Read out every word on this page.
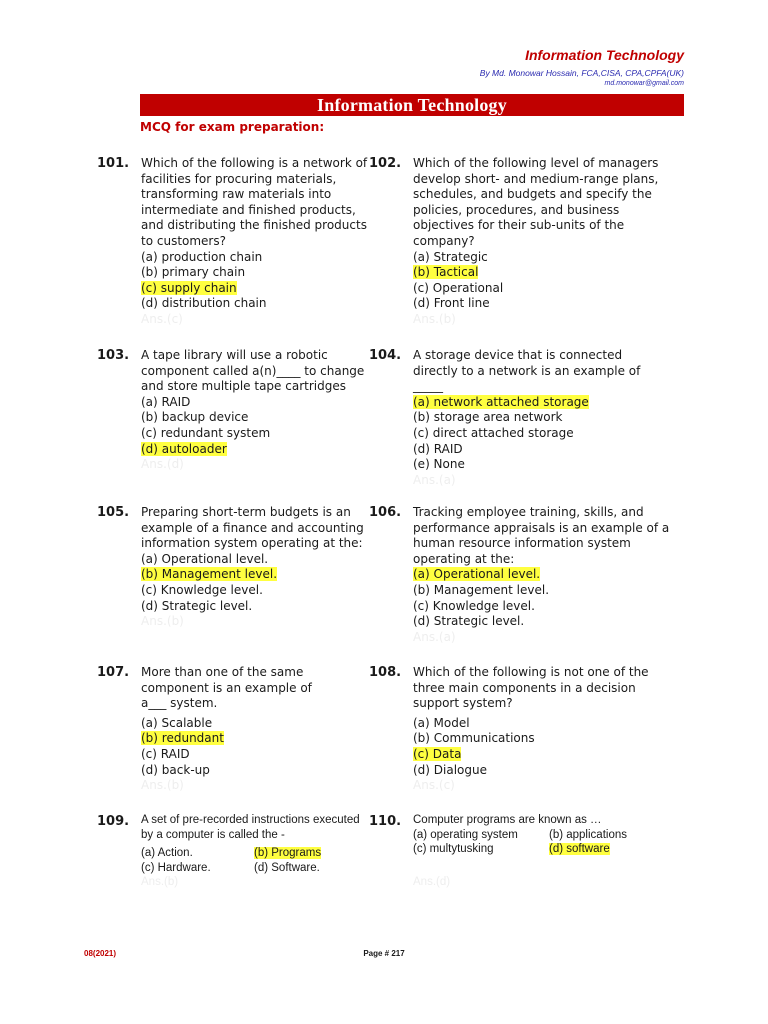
Information Technology
By Md. Monowar Hossain, FCA,CISA, CPA,CPFA(UK)
md.monowar@gmail.com
Information Technology
MCQ for exam preparation:
101. Which of the following is a network of facilities for procuring materials, transforming raw materials into intermediate and finished products, and distributing the finished products to customers?

(a) production chain
(b) primary chain
(c) supply chain
(d) distribution chain
Ans.(c)
102. Which of the following level of managers develop short- and medium-range plans, schedules, and budgets and specify the policies, procedures, and business objectives for their sub-units of the company?

(a) Strategic
(b) Tactical
(c) Operational
(d) Front line
Ans.(b)
103. A tape library will use a robotic component called a(n)____ to change and store multiple tape cartridges

(a) RAID
(b) backup device
(c) redundant system
(d) autoloader
Ans.(d)
104. A storage device that is connected directly to a network is an example of _____

(a) network attached storage
(b) storage area network
(c) direct attached storage
(d) RAID
(e) None
Ans.(a)
105. Preparing short-term budgets is an example of a finance and accounting information system operating at the:

(a) Operational level.
(b) Management level.
(c) Knowledge level.
(d) Strategic level.
Ans.(b)
106. Tracking employee training, skills, and performance appraisals is an example of a human resource information system operating at the:

(a) Operational level.
(b) Management level.
(c) Knowledge level.
(d) Strategic level.
Ans.(a)
107. More than one of the same component is an example of a___ system.

(a) Scalable
(b) redundant
(c) RAID
(d) back-up
Ans.(b)
108. Which of the following is not one of the three main components in a decision support system?

(a) Model
(b) Communications
(c) Data
(d) Dialogue
Ans.(c)
109. A set of pre-recorded instructions executed by a computer is called the -

(a) Action.	(b) Programs
(c) Hardware.	(d) Software.
Ans.(b)
110. Computer programs are known as …

(a) operating system	(b) applications
(c) multytusking	(d) software
Ans.(d)
08(2021)	Page # 217
